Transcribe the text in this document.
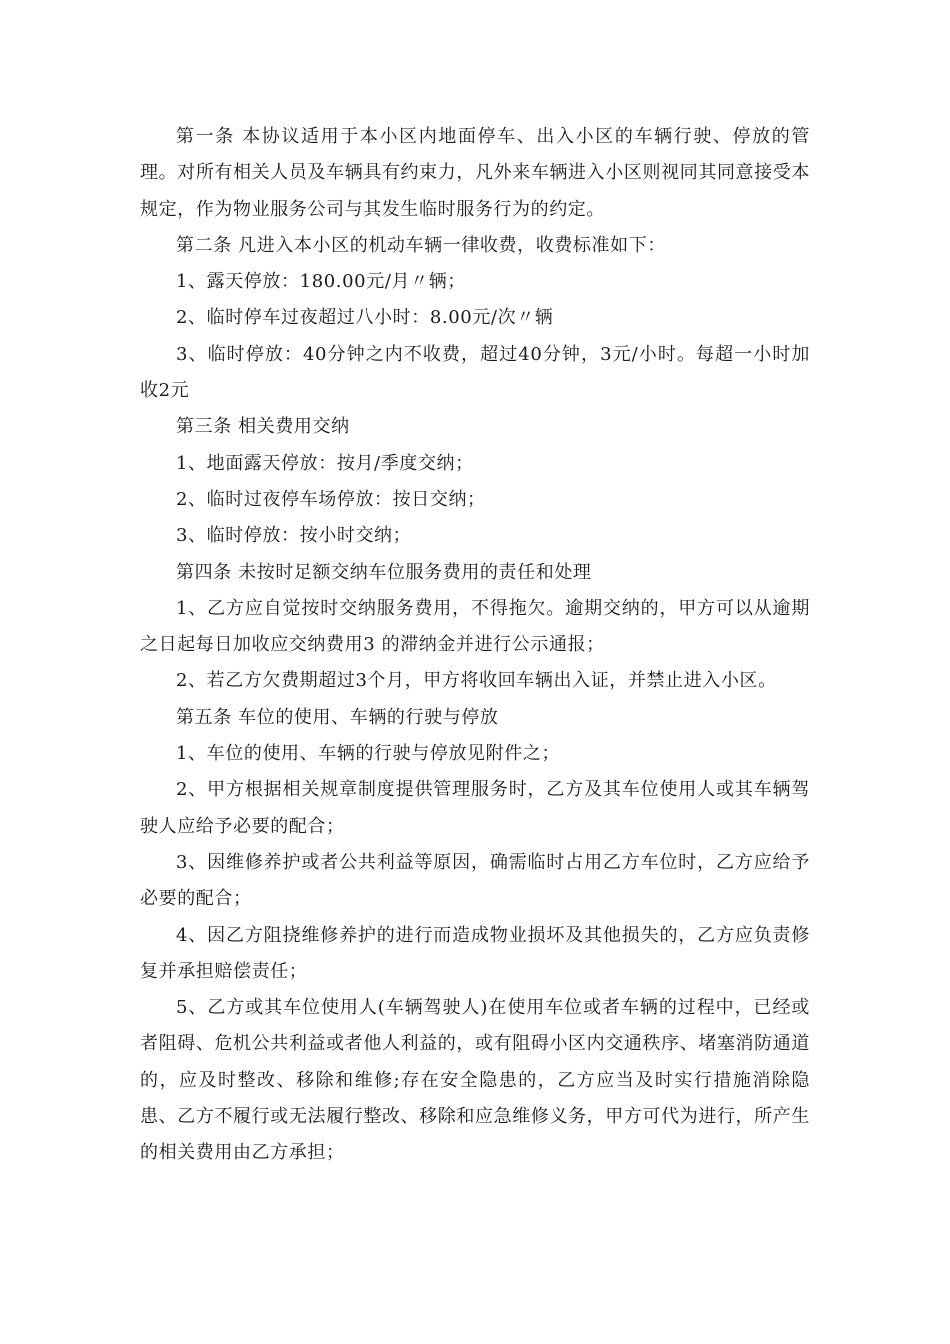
第一条 本协议适用于本小区内地面停车、出入小区的车辆行驶、停放的管理。对所有相关人员及车辆具有约束力，凡外来车辆进入小区则视同其同意接受本规定，作为物业服务公司与其发生临时服务行为的约定。

第二条 凡进入本小区的机动车辆一律收费，收费标准如下：

1、露天停放：180.00元/月〃辆；

2、临时停车过夜超过八小时：8.00元/次〃辆

3、临时停放：40分钟之内不收费，超过40分钟，3元/小时。每超一小时加收2元

第三条 相关费用交纳

1、地面露天停放：按月/季度交纳；

2、临时过夜停车场停放：按日交纳；

3、临时停放：按小时交纳；

第四条 未按时足额交纳车位服务费用的责任和处理

1、乙方应自觉按时交纳服务费用，不得拖欠。逾期交纳的，甲方可以从逾期之日起每日加收应交纳费用3 的滞纳金并进行公示通报；

2、若乙方欠费期超过3个月，甲方将收回车辆出入证，并禁止进入小区。

第五条 车位的使用、车辆的行驶与停放

1、车位的使用、车辆的行驶与停放见附件之；

2、甲方根据相关规章制度提供管理服务时，乙方及其车位使用人或其车辆驾驶人应给予必要的配合；

3、因维修养护或者公共利益等原因，确需临时占用乙方车位时，乙方应给予必要的配合；

4、因乙方阻挠维修养护的进行而造成物业损坏及其他损失的，乙方应负责修复并承担赔偿责任；

5、乙方或其车位使用人(车辆驾驶人)在使用车位或者车辆的过程中，已经或者阻碍、危机公共利益或者他人利益的，或有阻碍小区内交通秩序、堵塞消防通道的，应及时整改、移除和维修;存在安全隐患的，乙方应当及时实行措施消除隐患、乙方不履行或无法履行整改、移除和应急维修义务，甲方可代为进行，所产生的相关费用由乙方承担；
